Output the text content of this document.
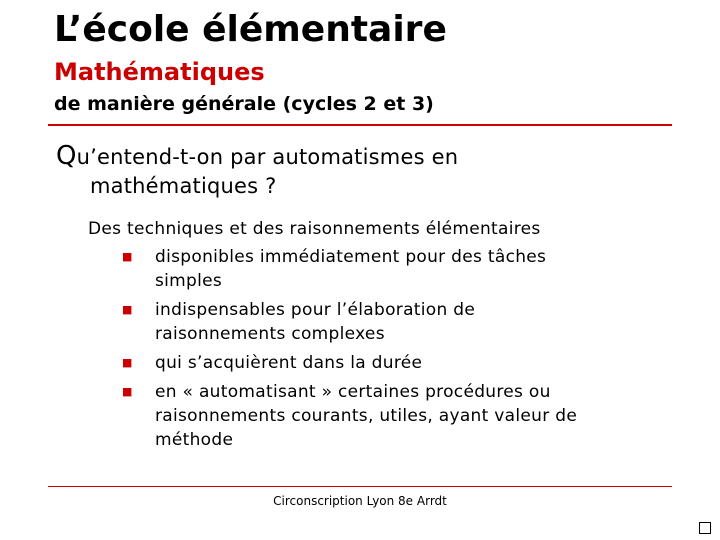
L’école élémentaire
Mathématiques
de manière générale (cycles 2 et 3)
Qu’entend-t-on par automatismes en
mathématiques ?
Des techniques et des raisonnements élémentaires
■ disponibles immédiatement pour des tâches
simples
■ indispensables pour l’élaboration de
raisonnements complexes
■ qui s’acquièrent dans la durée
■ en « automatisant » certaines procédures ou
raisonnements courants, utiles, ayant valeur de
méthode
Circonscription Lyon 8e Arrdt
